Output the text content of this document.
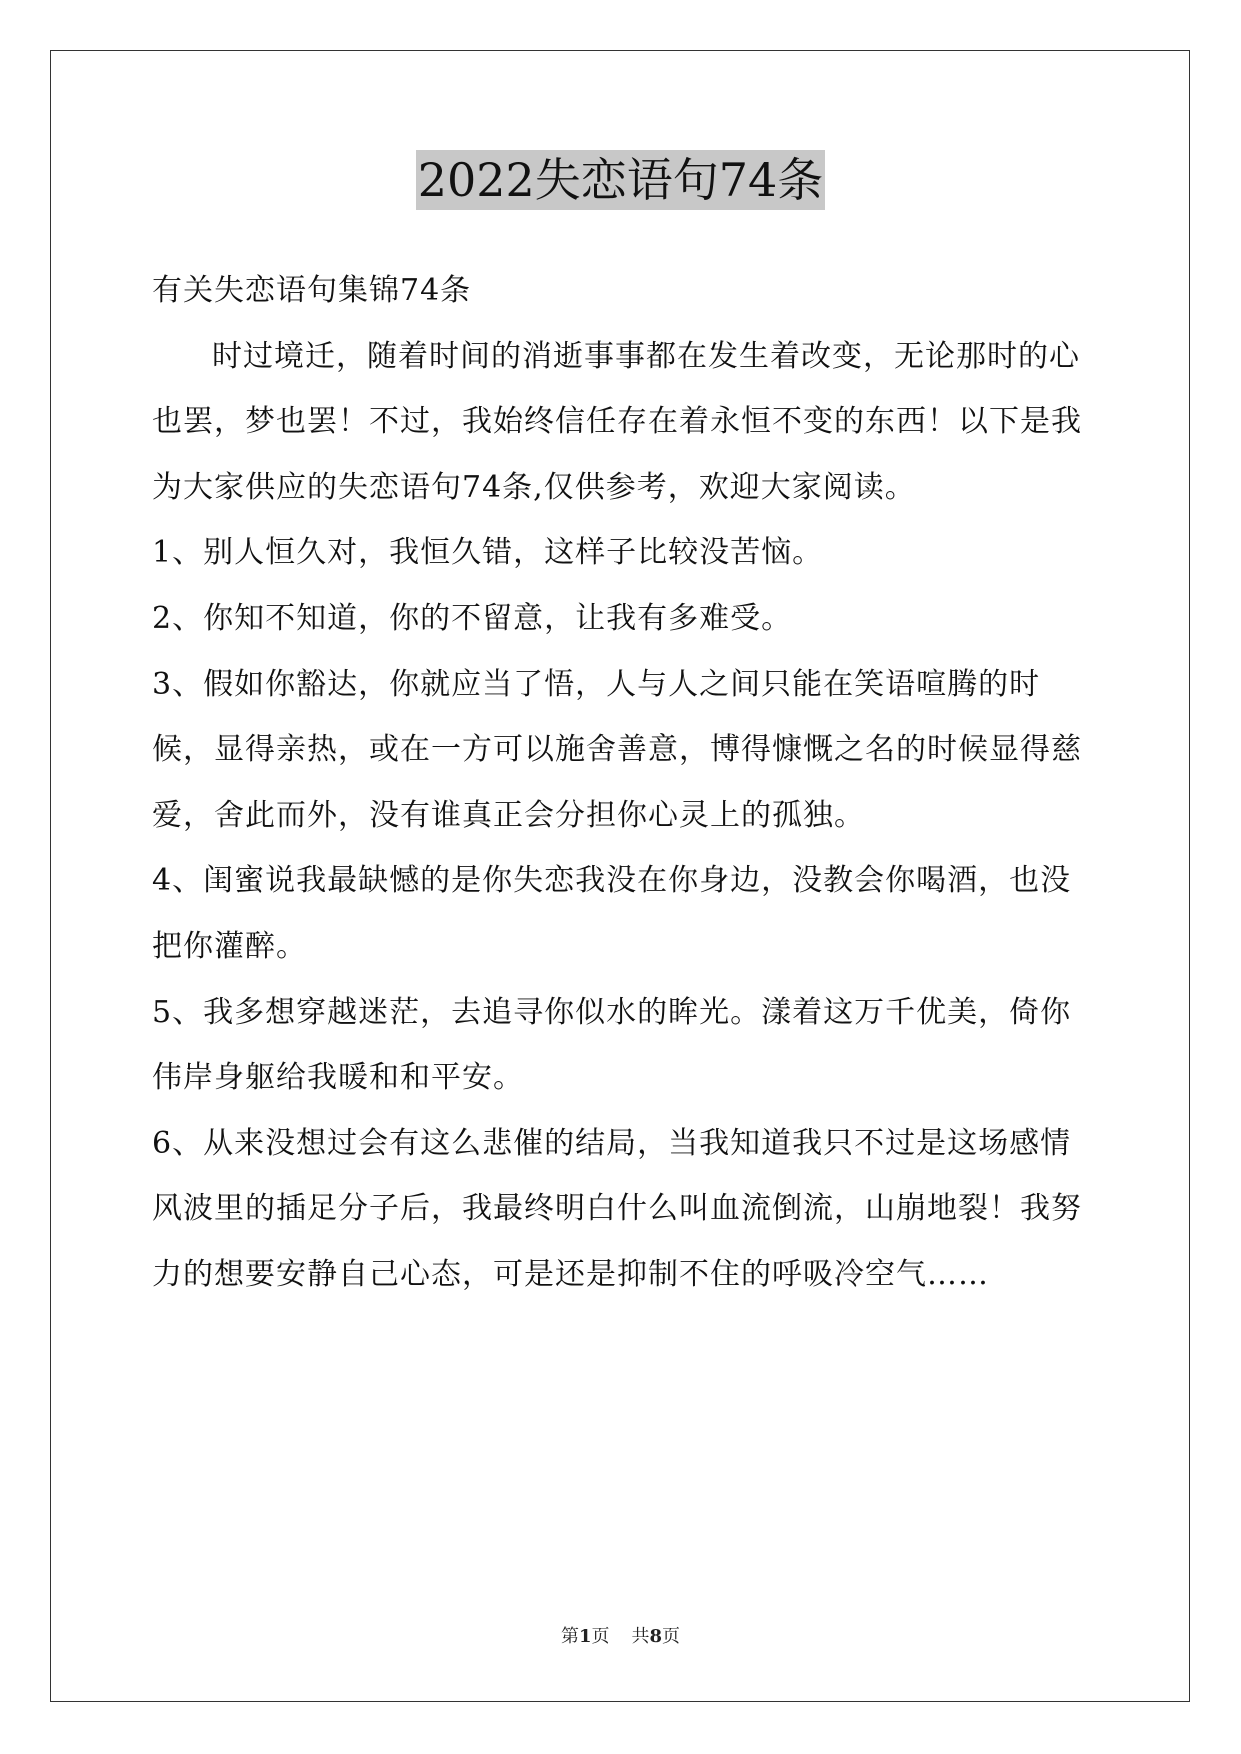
2022失恋语句74条

有关失恋语句集锦74条

时过境迁，随着时间的消逝事事都在发生着改变，无论那时的心也罢，梦也罢！不过，我始终信任存在着永恒不变的东西！以下是我为大家供应的失恋语句74条,仅供参考，欢迎大家阅读。

1、别人恒久对，我恒久错，这样子比较没苦恼。

2、你知不知道，你的不留意，让我有多难受。

3、假如你豁达，你就应当了悟，人与人之间只能在笑语喧腾的时候，显得亲热，或在一方可以施舍善意，博得慷慨之名的时候显得慈爱，舍此而外，没有谁真正会分担你心灵上的孤独。

4、闺蜜说我最缺憾的是你失恋我没在你身边，没教会你喝酒，也没把你灌醉。

5、我多想穿越迷茫，去追寻你似水的眸光。漾着这万千优美，倚你伟岸身躯给我暖和和平安。

6、从来没想过会有这么悲催的结局，当我知道我只不过是这场感情风波里的插足分子后，我最终明白什么叫血流倒流，山崩地裂！我努力的想要安静自己心态，可是还是抑制不住的呼吸冷空气……

第1页 共8页
